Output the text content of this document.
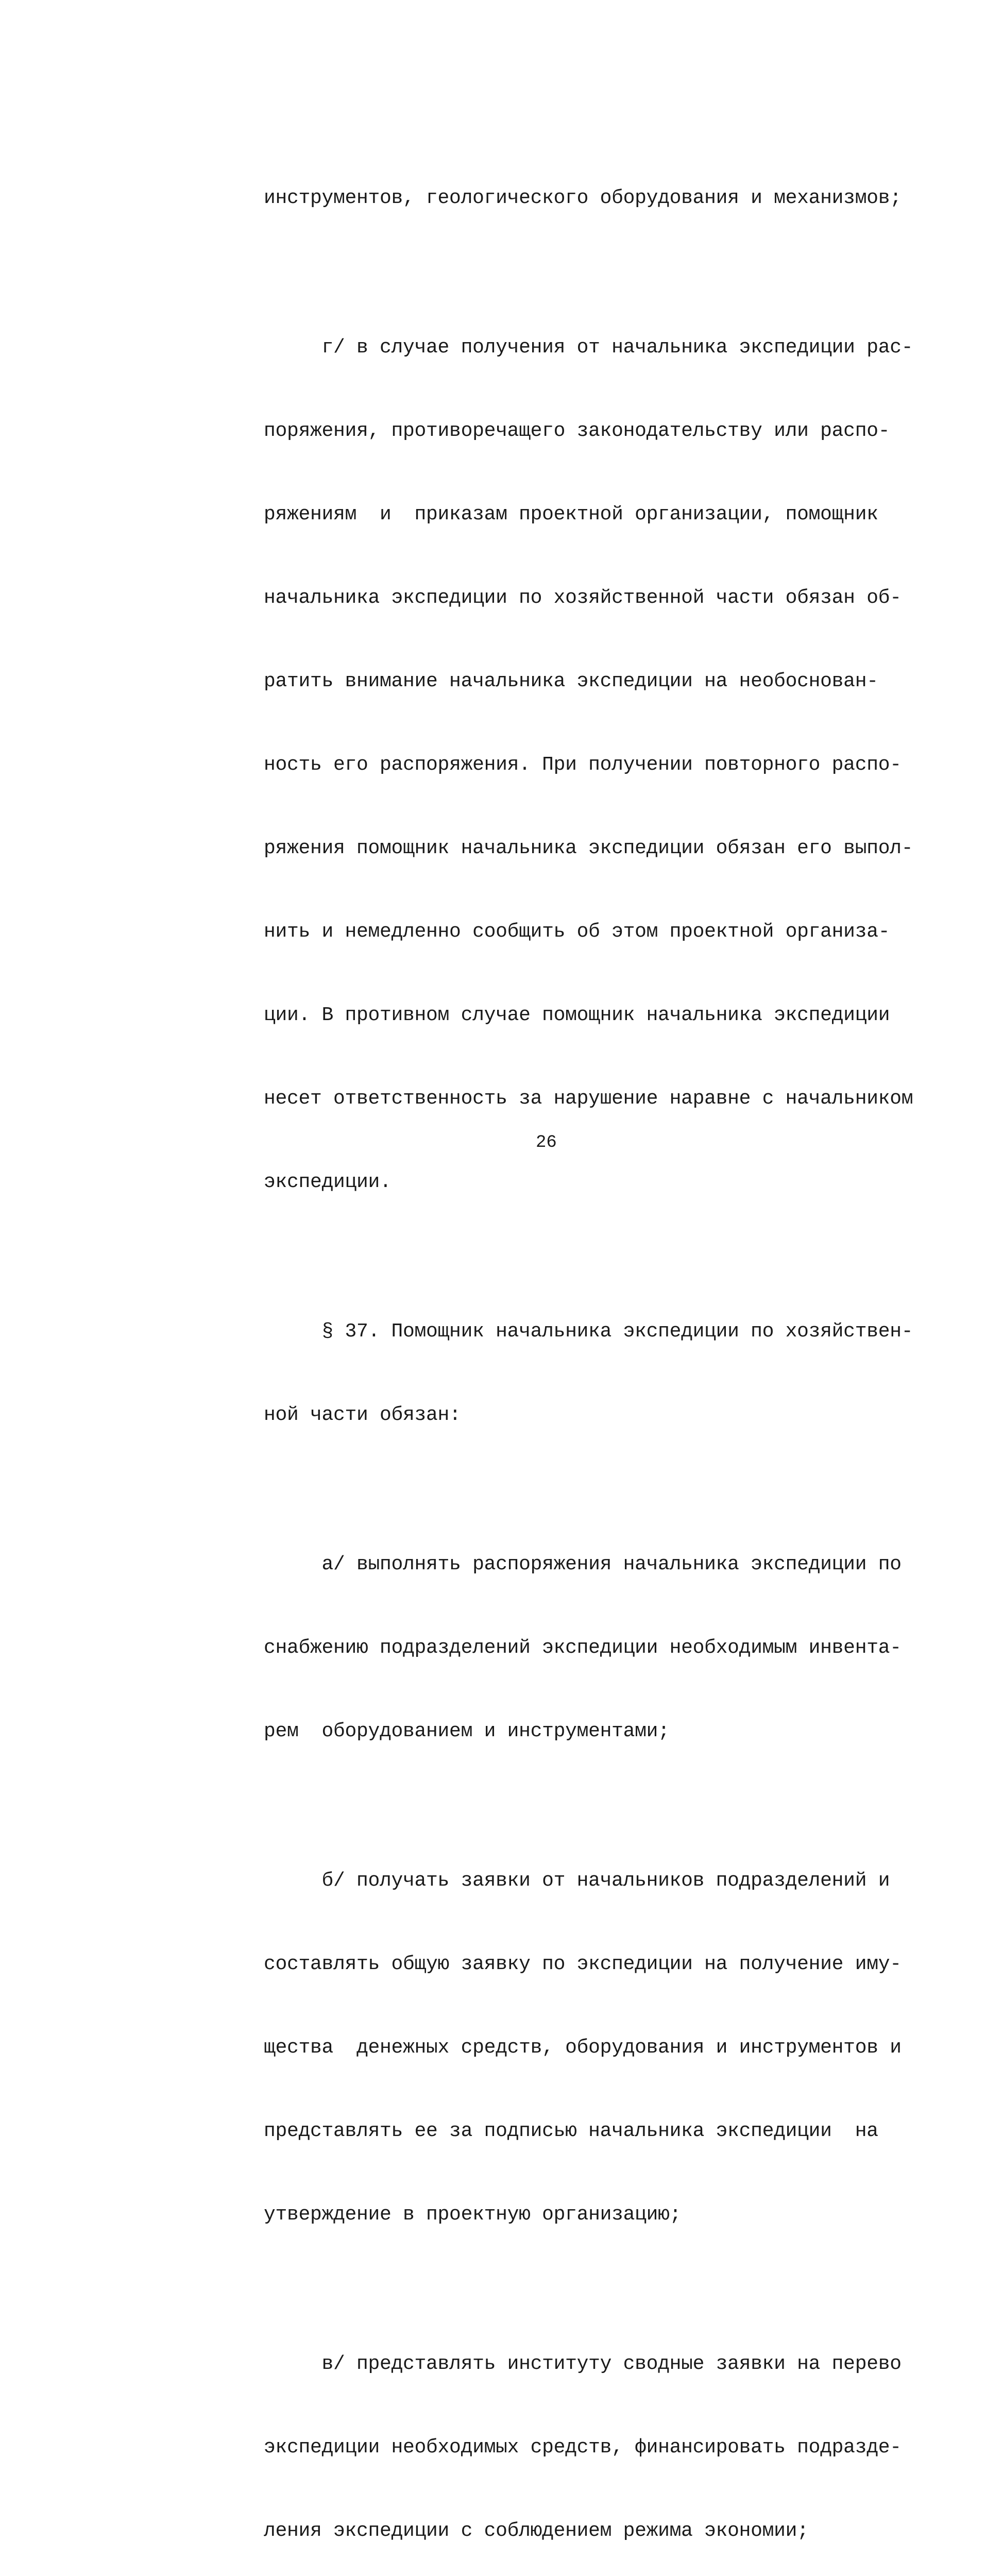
инструментов, геологического оборудования и механизмов;

г/ в случае получения от начальника экспедиции рас-

поряжения, противоречащего законодательству или распо-

ряжениям  и  приказам проектной организации, помощник

начальника экспедиции по хозяйственной части обязан об-

ратить внимание начальника экспедиции на необоснован-

ность его распоряжения. При получении повторного распо-

ряжения помощник начальника экспедиции обязан его выпол-

нить и немедленно сообщить об этом проектной организа-

ции. В противном случае помощник начальника экспедиции

несет ответственность за нарушение наравне с начальником

экспедиции.

§ 37. Помощник начальника экспедиции по хозяйствен-

ной части обязан:

а/ выполнять распоряжения начальника экспедиции по

снабжению подразделений экспедиции необходимым инвента-

рем  оборудованием и инструментами;

б/ получать заявки от начальников подразделений и

составлять общую заявку по экспедиции на получение иму-

щества  денежных средств, оборудования и инструментов и

представлять ее за подписью начальника экспедиции  на

утверждение в проектную организацию;

в/ представлять институту сводные заявки на перево

экспедиции необходимых средств, финансировать подразде-

ления экспедиции с соблюдением режима экономии;

26
